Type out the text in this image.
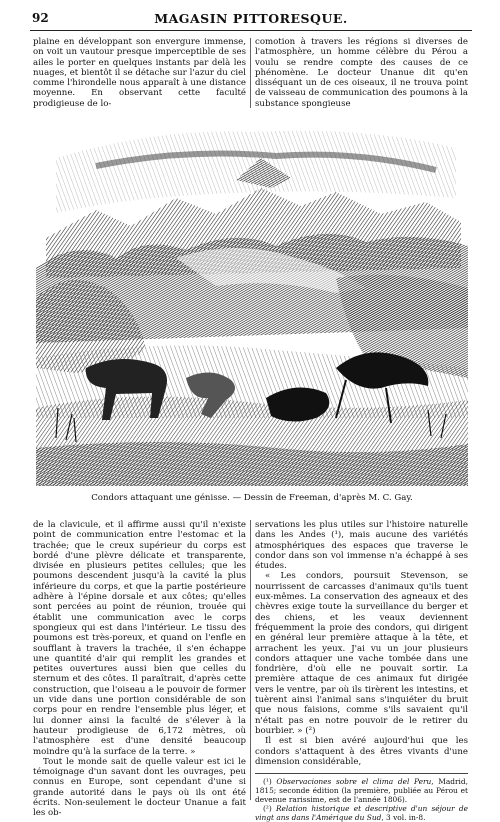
92	MAGASIN PITTORESQUE.

plaine en développant son envergure immense, on voit un vautour presque imperceptible de ses ailes le porter en quelques instants par delà les nuages, et bientôt il se détache sur l'azur du ciel comme l'hirondelle nous apparaît à une distance moyenne. En observant cette faculté prodigieuse de lo-

comotion à travers les régions si diverses de l'atmosphère, un homme célèbre du Pérou a voulu se rendre compte des causes de ce phénomène. Le docteur Unanue dit qu'en disséquant un de ces oiseaux, il ne trouva point de vaisseau de communication des poumons à la substance spongieuse

Condors attaquant une génisse. — Dessin de Freeman, d'après M. C. Gay.

de la clavicule, et il affirme aussi qu'il n'existe point de communication entre l'estomac et la trachée; que le creux supérieur du corps est bordé d'une plèvre délicate et transparente, divisée en plusieurs petites cellules; que les poumons descendent jusqu'à la cavité la plus inférieure du corps, et que la partie postérieure adhère à l'épine dorsale et aux côtes; qu'elles sont percées au point de réunion, trouée qui établit une communication avec le corps spongieux qui est dans l'intérieur. Le tissu des poumons est très-poreux, et quand on l'enfle en soufflant à travers la trachée, il s'en échappe une quantité d'air qui remplit les grandes et petites ouvertures aussi bien que celles du sternum et des côtes. Il paraîtrait, d'après cette construction, que l'oiseau a le pouvoir de former un vide dans une portion considérable de son corps pour en rendre l'ensemble plus léger, et lui donner ainsi la faculté de s'élever à la hauteur prodigieuse de 6,172 mètres, où l'atmosphère est d'une densité beaucoup moindre qu'à la surface de la terre. »

Tout le monde sait de quelle valeur est ici le témoignage d'un savant dont les ouvrages, peu connus en Europe, sont cependant d'une si grande autorité dans le pays où ils ont été écrits. Non-seulement le docteur Unanue a fait les ob-

servations les plus utiles sur l'histoire naturelle dans les Andes (¹), mais aucune des variétés atmosphériques des espaces que traverse le condor dans son vol immense n'a échappé à ses études.

« Les condors, poursuit Stevenson, se nourrissent de carcasses d'animaux qu'ils tuent eux-mêmes. La conservation des agneaux et des chèvres exige toute la surveillance du berger et des chiens, et les veaux deviennent fréquemment la proie des condors, qui dirigent en général leur première attaque à la tête, et arrachent les yeux. J'ai vu un jour plusieurs condors attaquer une vache tombée dans une fondrière, d'où elle ne pouvait sortir. La première attaque de ces animaux fut dirigée vers le ventre, par où ils tirèrent les intestins, et tuèrent ainsi l'animal sans s'inquiéter du bruit que nous faisions, comme s'ils savaient qu'il n'était pas en notre pouvoir de le retirer du bourbier. » (²)

Il est si bien avéré aujourd'hui que les condors s'attaquent à des êtres vivants d'une dimension considérable,

(¹) Observaciones sobre el clima del Peru, Madrid, 1815; seconde édition (la première, publiée au Pérou et devenue rarissime, est de l'année 1806).

(²) Relation historique et descriptive d'un séjour de vingt ans dans l'Amérique du Sud, 3 vol. in-8.
